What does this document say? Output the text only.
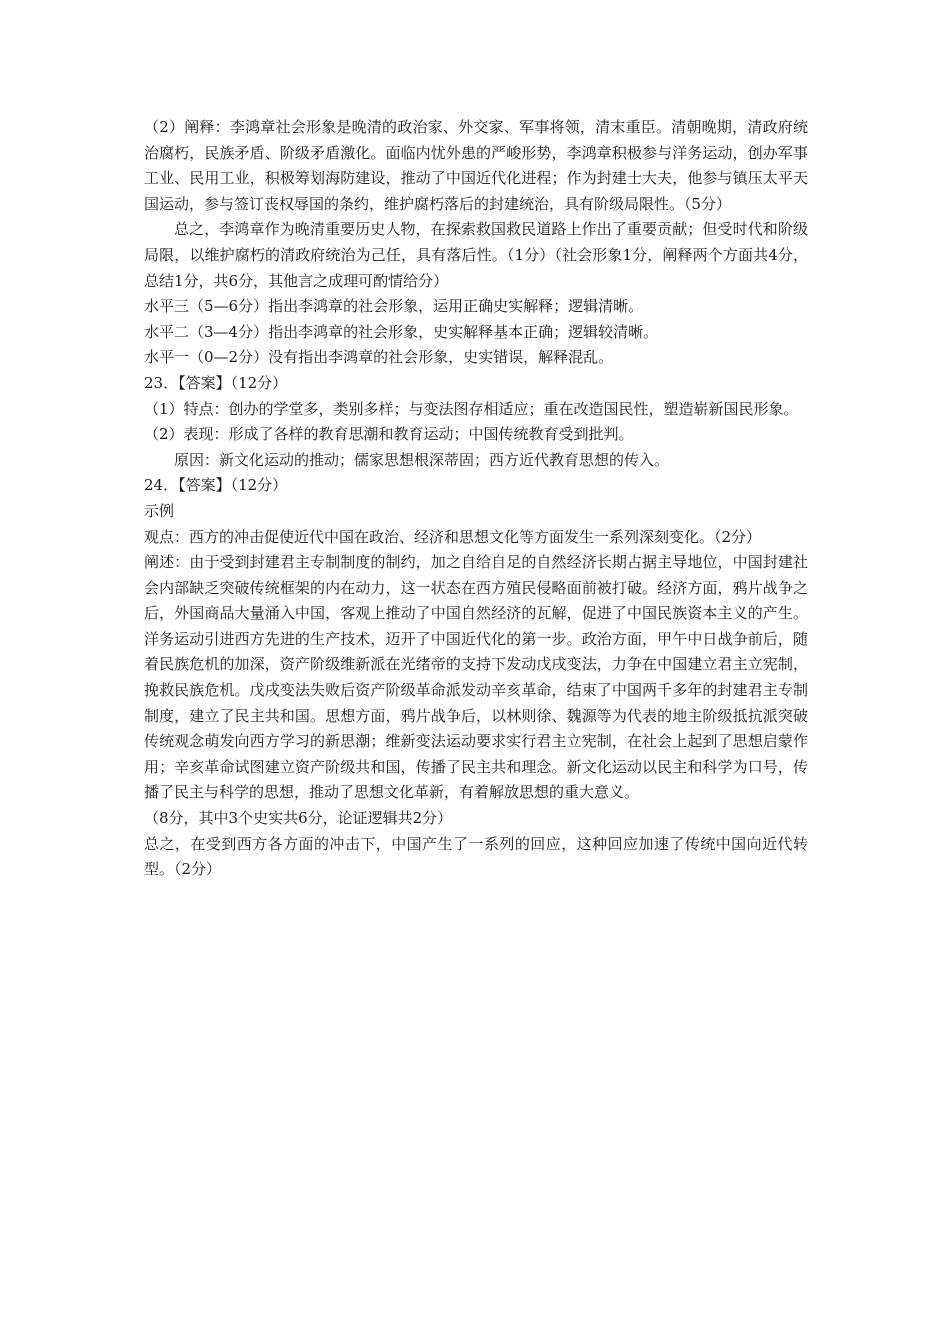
（2）阐释：李鸿章社会形象是晚清的政治家、外交家、军事将领，清末重臣。清朝晚期，清政府统治腐朽，民族矛盾、阶级矛盾激化。面临内忧外患的严峻形势，李鸿章积极参与洋务运动，创办军事工业、民用工业，积极筹划海防建设，推动了中国近代化进程；作为封建士大夫，他参与镇压太平天国运动，参与签订丧权辱国的条约，维护腐朽落后的封建统治，具有阶级局限性。（5分）

总之，李鸿章作为晚清重要历史人物，在探索救国救民道路上作出了重要贡献；但受时代和阶级局限，以维护腐朽的清政府统治为己任，具有落后性。（1分）（社会形象1分，阐释两个方面共4分，总结1分，共6分，其他言之成理可酌情给分）

水平三（5—6分）指出李鸿章的社会形象，运用正确史实解释；逻辑清晰。

水平二（3—4分）指出李鸿章的社会形象，史实解释基本正确；逻辑较清晰。

水平一（0—2分）没有指出李鸿章的社会形象，史实错误，解释混乱。

23．【答案】（12分）

（1）特点：创办的学堂多，类别多样；与变法图存相适应；重在改造国民性，塑造崭新国民形象。

（2）表现：形成了各样的教育思潮和教育运动；中国传统教育受到批判。

原因：新文化运动的推动；儒家思想根深蒂固；西方近代教育思想的传入。

24．【答案】（12分）

示例

观点：西方的冲击促使近代中国在政治、经济和思想文化等方面发生一系列深刻变化。（2分）

阐述：由于受到封建君主专制制度的制约，加之自给自足的自然经济长期占据主导地位，中国封建社会内部缺乏突破传统框架的内在动力，这一状态在西方殖民侵略面前被打破。经济方面，鸦片战争之后，外国商品大量涌入中国，客观上推动了中国自然经济的瓦解，促进了中国民族资本主义的产生。洋务运动引进西方先进的生产技术，迈开了中国近代化的第一步。政治方面，甲午中日战争前后，随着民族危机的加深，资产阶级维新派在光绪帝的支持下发动戊戌变法，力争在中国建立君主立宪制，挽救民族危机。戊戌变法失败后资产阶级革命派发动辛亥革命，结束了中国两千多年的封建君主专制制度，建立了民主共和国。思想方面，鸦片战争后，以林则徐、魏源等为代表的地主阶级抵抗派突破传统观念萌发向西方学习的新思潮；维新变法运动要求实行君主立宪制，在社会上起到了思想启蒙作用；辛亥革命试图建立资产阶级共和国，传播了民主共和理念。新文化运动以民主和科学为口号，传播了民主与科学的思想，推动了思想文化革新，有着解放思想的重大意义。

（8分，其中3个史实共6分，论证逻辑共2分）

总之，在受到西方各方面的冲击下，中国产生了一系列的回应，这种回应加速了传统中国向近代转型。（2分）
